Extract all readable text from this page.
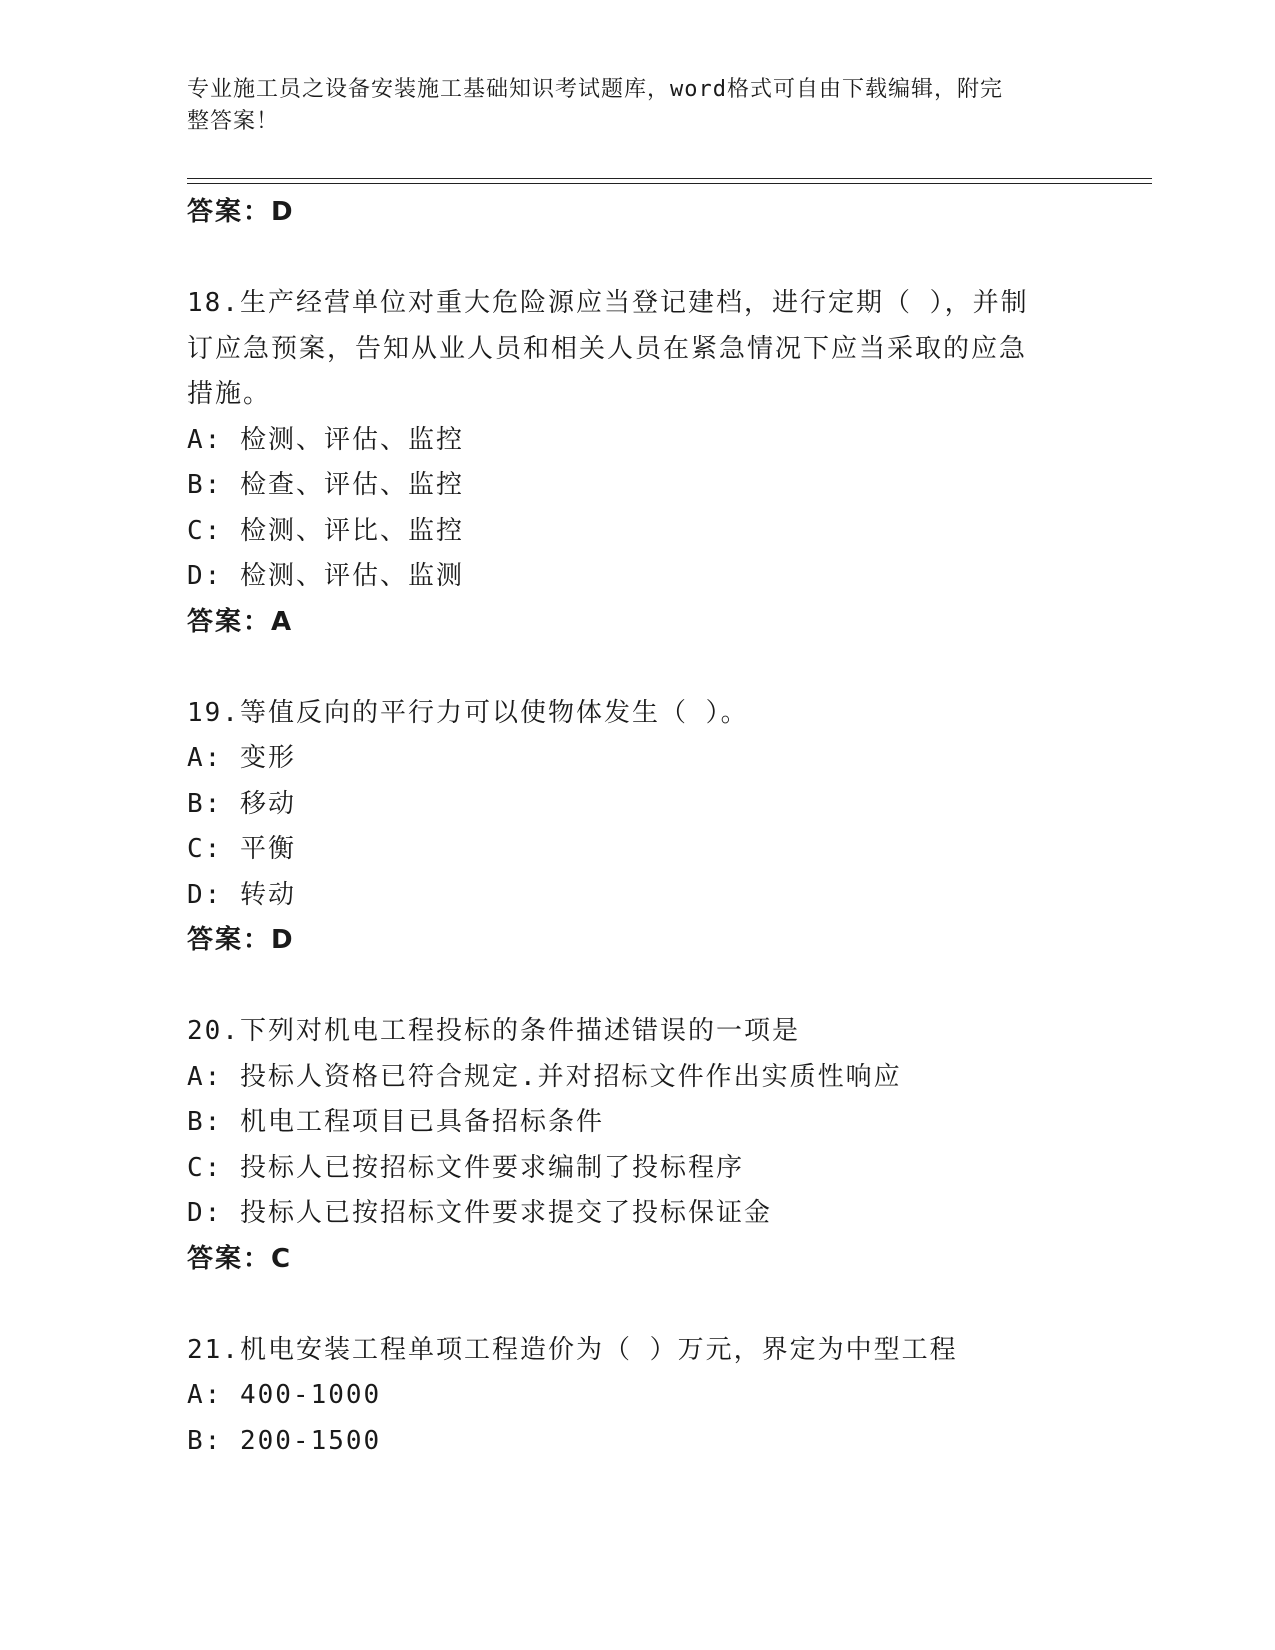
专业施工员之设备安装施工基础知识考试题库，word格式可自由下载编辑，附完
整答案！
答案：D
18.生产经营单位对重大危险源应当登记建档，进行定期（ ），并制
订应急预案，告知从业人员和相关人员在紧急情况下应当采取的应急
措施。
A: 检测、评估、监控
B: 检查、评估、监控
C: 检测、评比、监控
D: 检测、评估、监测
答案：A
19.等值反向的平行力可以使物体发生（ ）。
A: 变形
B: 移动
C: 平衡
D: 转动
答案：D
20.下列对机电工程投标的条件描述错误的一项是
A: 投标人资格已符合规定.并对招标文件作出实质性响应
B: 机电工程项目已具备招标条件
C: 投标人已按招标文件要求编制了投标程序
D: 投标人已按招标文件要求提交了投标保证金
答案：C
21.机电安装工程单项工程造价为（ ）万元，界定为中型工程
A: 400-1000
B: 200-1500
